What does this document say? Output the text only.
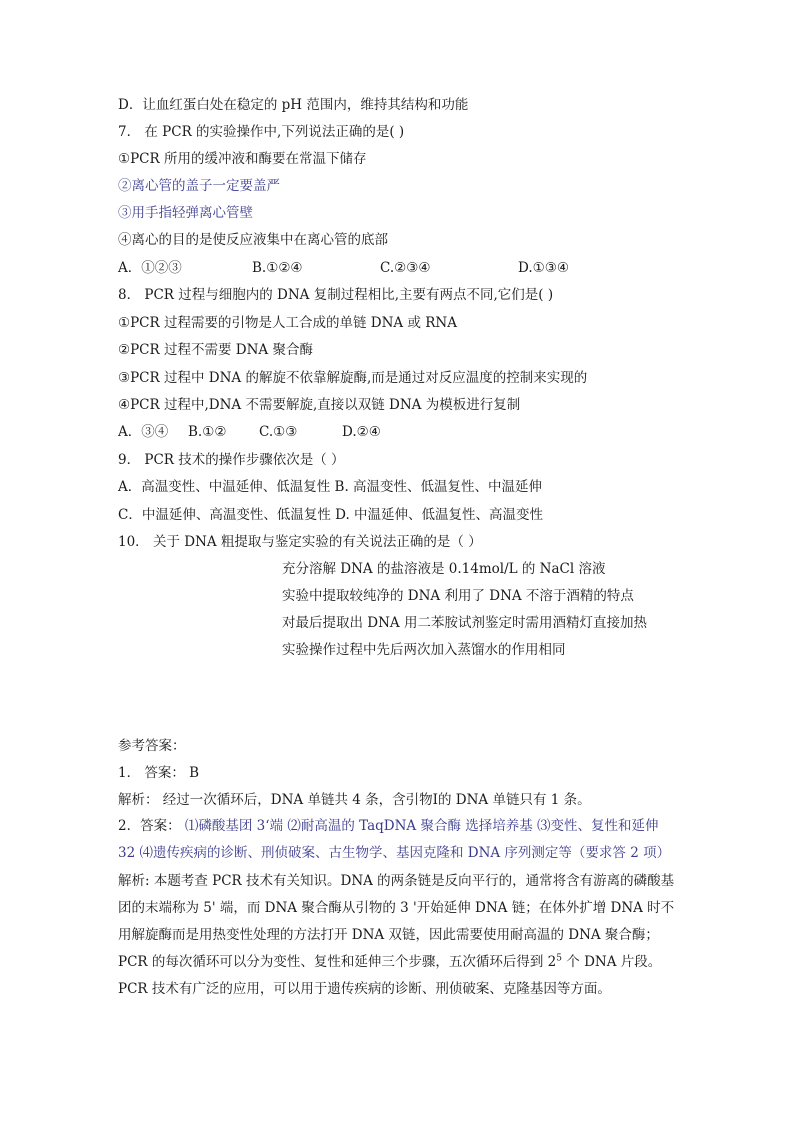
D．让血红蛋白处在稳定的 pH 范围内，维持其结构和功能
7． 在 PCR 的实验操作中,下列说法正确的是( )
①PCR 所用的缓冲液和酶要在常温下储存
②离心管的盖子一定要盖严
③用手指轻弹离心管壁
④离心的目的是使反应液集中在离心管的底部
A．①②③	B.①②④	C.②③④	D.①③④
8． PCR 过程与细胞内的 DNA 复制过程相比,主要有两点不同,它们是( )
①PCR 过程需要的引物是人工合成的单链 DNA 或 RNA
②PCR 过程不需要 DNA 聚合酶
③PCR 过程中 DNA 的解旋不依靠解旋酶,而是通过对反应温度的控制来实现的
④PCR 过程中,DNA 不需要解旋,直接以双链 DNA 为模板进行复制
A．③④ B.①② C.①③	D.②④
9． PCR 技术的操作步骤依次是（ ）
A．高温变性、中温延伸、低温复性 B. 高温变性、低温复性、中温延伸
C．中温延伸、高温变性、低温复性 D. 中温延伸、低温复性、高温变性
10． 关于 DNA 粗提取与鉴定实验的有关说法正确的是（ ）
充分溶解 DNA 的盐溶液是 0.14mol/L 的 NaCl 溶液
实验中提取较纯净的 DNA 利用了 DNA 不溶于酒精的特点
对最后提取出 DNA 用二苯胺试剂鉴定时需用酒精灯直接加热
实验操作过程中先后两次加入蒸馏水的作用相同
参考答案：
1． 答案： B
解析： 经过一次循环后，DNA 单链共 4 条，含引物Ⅰ的 DNA 单链只有 1 条。
2．答案： ⑴磷酸基团 3‘端 ⑵耐高温的 TaqDNA 聚合酶 选择培养基 ⑶变性、复性和延伸 32 ⑷遗传疾病的诊断、刑侦破案、古生物学、基因克隆和 DNA 序列测定等（要求答 2 项）
解析: 本题考查 PCR 技术有关知识。DNA 的两条链是反向平行的，通常将含有游离的磷酸基团的末端称为 5' 端，而 DNA 聚合酶从引物的 3 '开始延伸 DNA 链；在体外扩增 DNA 时不用解旋酶而是用热变性处理的方法打开 DNA 双链，因此需要使用耐高温的 DNA 聚合酶；PCR 的每次循环可以分为变性、复性和延伸三个步骤，五次循环后得到 $2^5$ 个 DNA 片段。PCR 技术有广泛的应用，可以用于遗传疾病的诊断、刑侦破案、克隆基因等方面。
